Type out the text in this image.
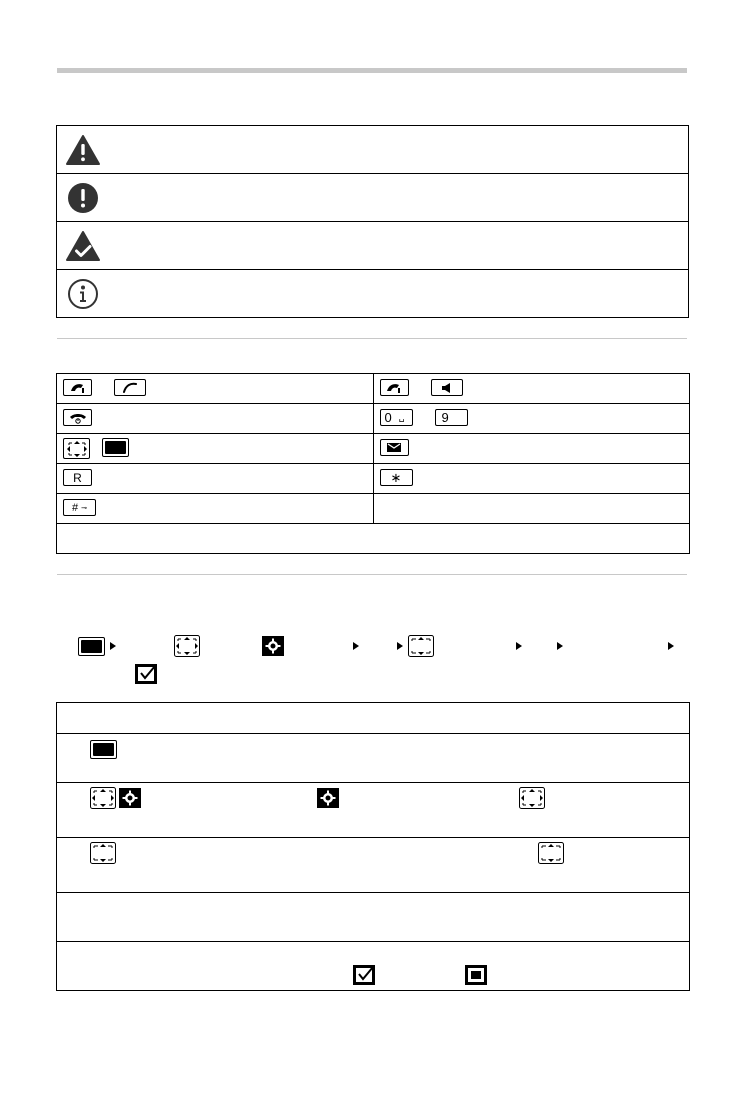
0 ␣	9
R	∗
# ⊸
